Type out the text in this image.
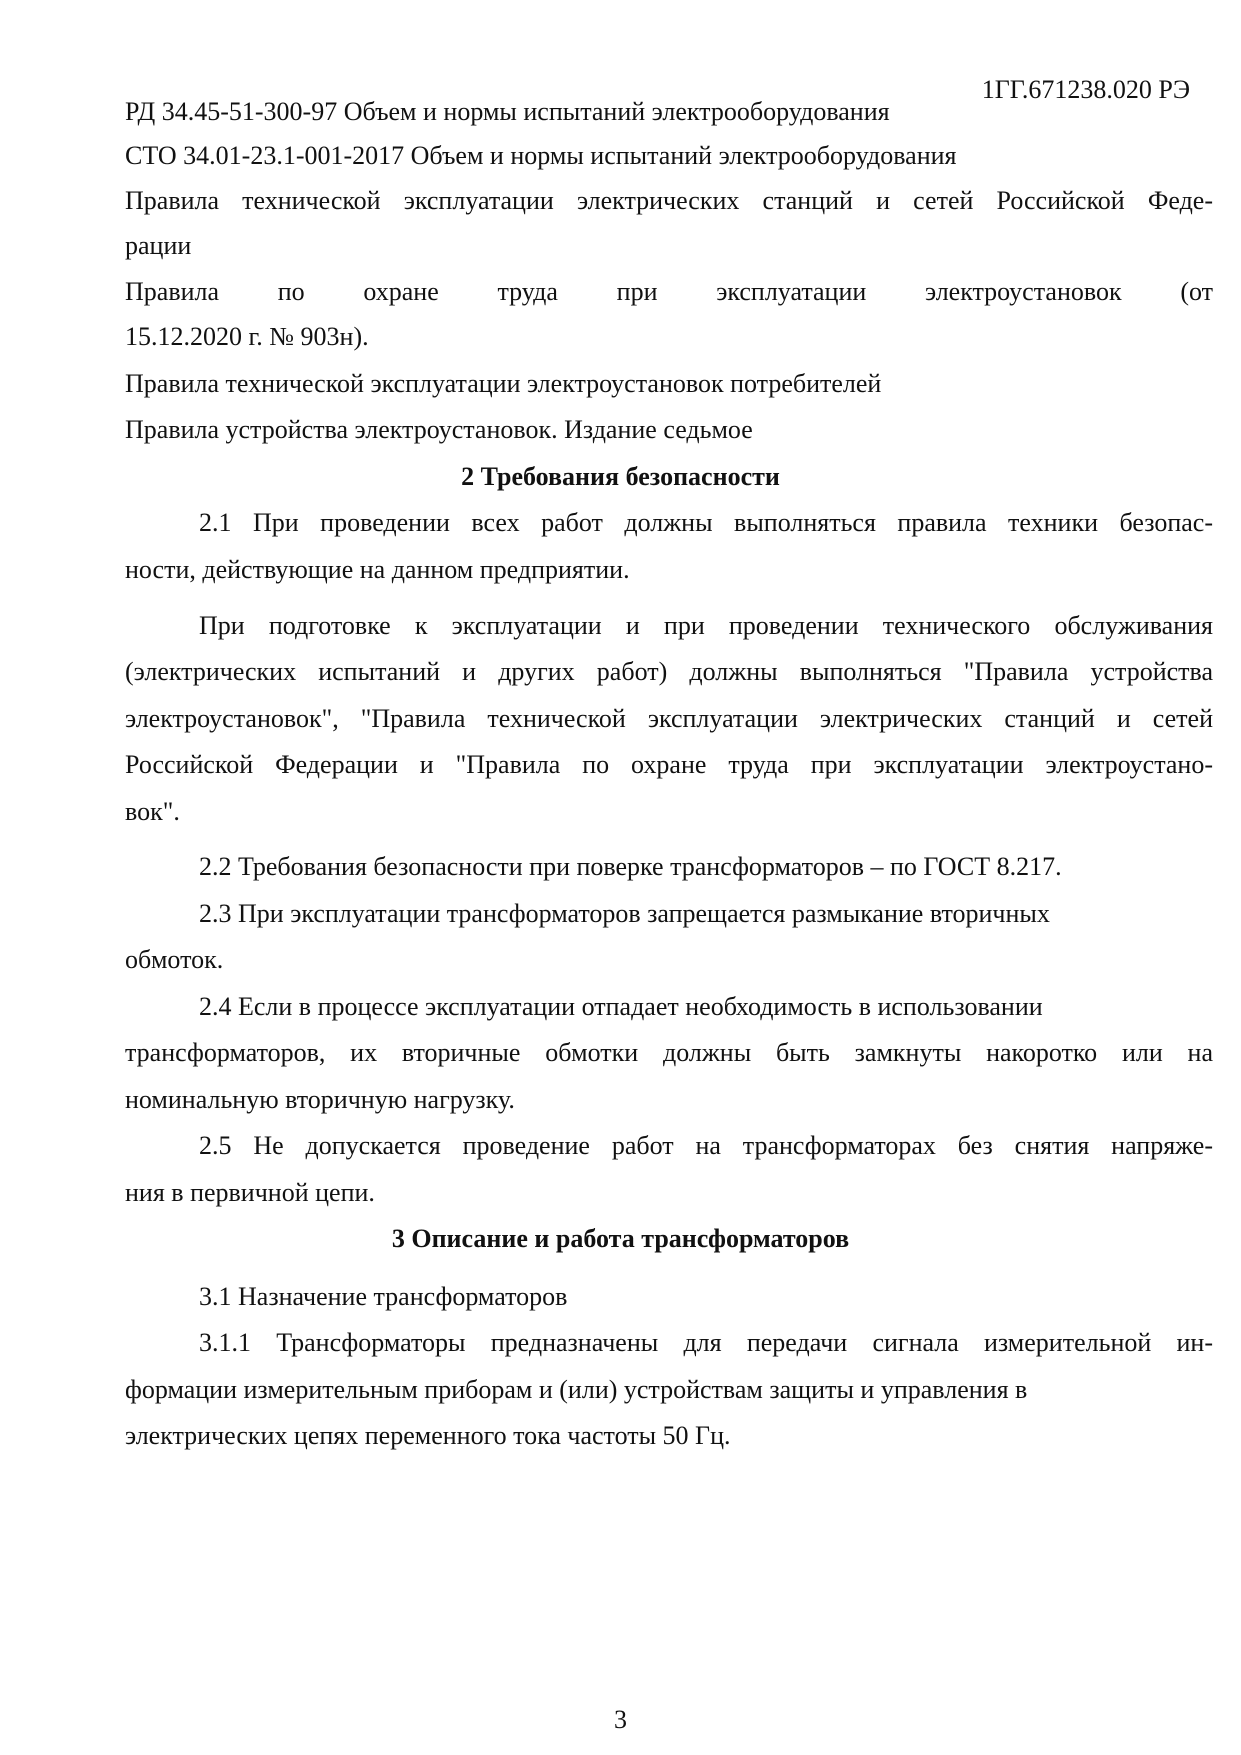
1ГГ.671238.020 РЭ
РД 34.45-51-300-97 Объем и нормы испытаний электрооборудования
СТО 34.01-23.1-001-2017 Объем и нормы испытаний электрооборудования
Правила технической эксплуатации электрических станций и сетей Российской Феде-
рации
Правила по охране труда при эксплуатации электроустановок (от
15.12.2020 г. № 903н).
Правила технической эксплуатации электроустановок потребителей
Правила устройства электроустановок. Издание седьмое
2 Требования безопасности
2.1 При проведении всех работ должны выполняться правила техники безопас-
ности, действующие на данном предприятии.
При подготовке к эксплуатации и при проведении технического обслуживания
(электрических испытаний и других работ) должны выполняться "Правила устройства
электроустановок", "Правила технической эксплуатации электрических станций и сетей
Российской Федерации и "Правила по охране труда при эксплуатации электроустано-
вок".
2.2 Требования безопасности при поверке трансформаторов – по ГОСТ 8.217.
2.3 При эксплуатации трансформаторов запрещается размыкание вторичных
обмоток.
2.4 Если в процессе эксплуатации отпадает необходимость в использовании
трансформаторов, их вторичные обмотки должны быть замкнуты накоротко или на
номинальную вторичную нагрузку.
2.5 Не допускается проведение работ на трансформаторах без снятия напряже-
ния в первичной цепи.
3 Описание и работа трансформаторов
3.1 Назначение трансформаторов
3.1.1 Трансформаторы предназначены для передачи сигнала измерительной ин-
формации измерительным приборам и (или) устройствам защиты и управления в
электрических цепях переменного тока частоты 50 Гц.
3
